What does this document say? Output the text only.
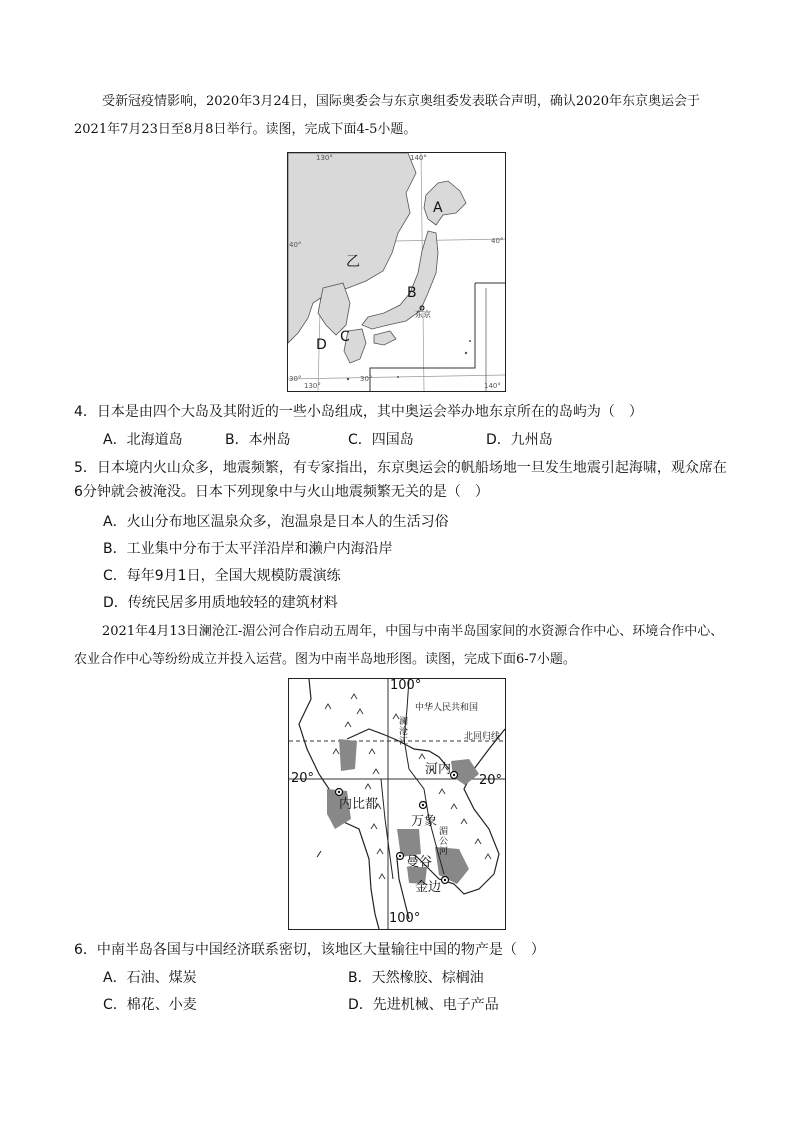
受新冠疫情影响，2020年3月24日，国际奥委会与东京奥组委发表联合声明，确认2020年东京奥运会于2021年7月23日至8月8日举行。读图，完成下面4-5小题。

A
乙
B
东京
C
D
130°	140°
40°	40°
30°	30°
130°	140°

4．日本是由四个大岛及其附近的一些小岛组成，其中奥运会举办地东京所在的岛屿为（　）

A．北海道岛	B．本州岛	C．四国岛	D．九州岛

5．日本境内火山众多，地震频繁，有专家指出，东京奥运会的帆船场地一旦发生地震引起海啸，观众席在6分钟就会被淹没。日本下列现象中与火山地震频繁无关的是（　）

A．火山分布地区温泉众多，泡温泉是日本人的生活习俗
B．工业集中分布于太平洋沿岸和濑户内海沿岸
C．每年9月1日，全国大规模防震演练
D．传统民居多用质地较轻的建筑材料

2021年4月13日澜沧江-湄公河合作启动五周年，中国与中南半岛国家间的水资源合作中心、环境合作中心、农业合作中心等纷纷成立并投入运营。图为中南半岛地形图。读图，完成下面6-7小题。

100°
中华人民共和国
澜沧江	北回归线
河内
20°	20°
内比都
万象
湄公河
曼谷
金边
100°

6．中南半岛各国与中国经济联系密切，该地区大量输往中国的物产是（　）

A．石油、煤炭	B．天然橡胶、棕榈油
C．棉花、小麦	D．先进机械、电子产品
